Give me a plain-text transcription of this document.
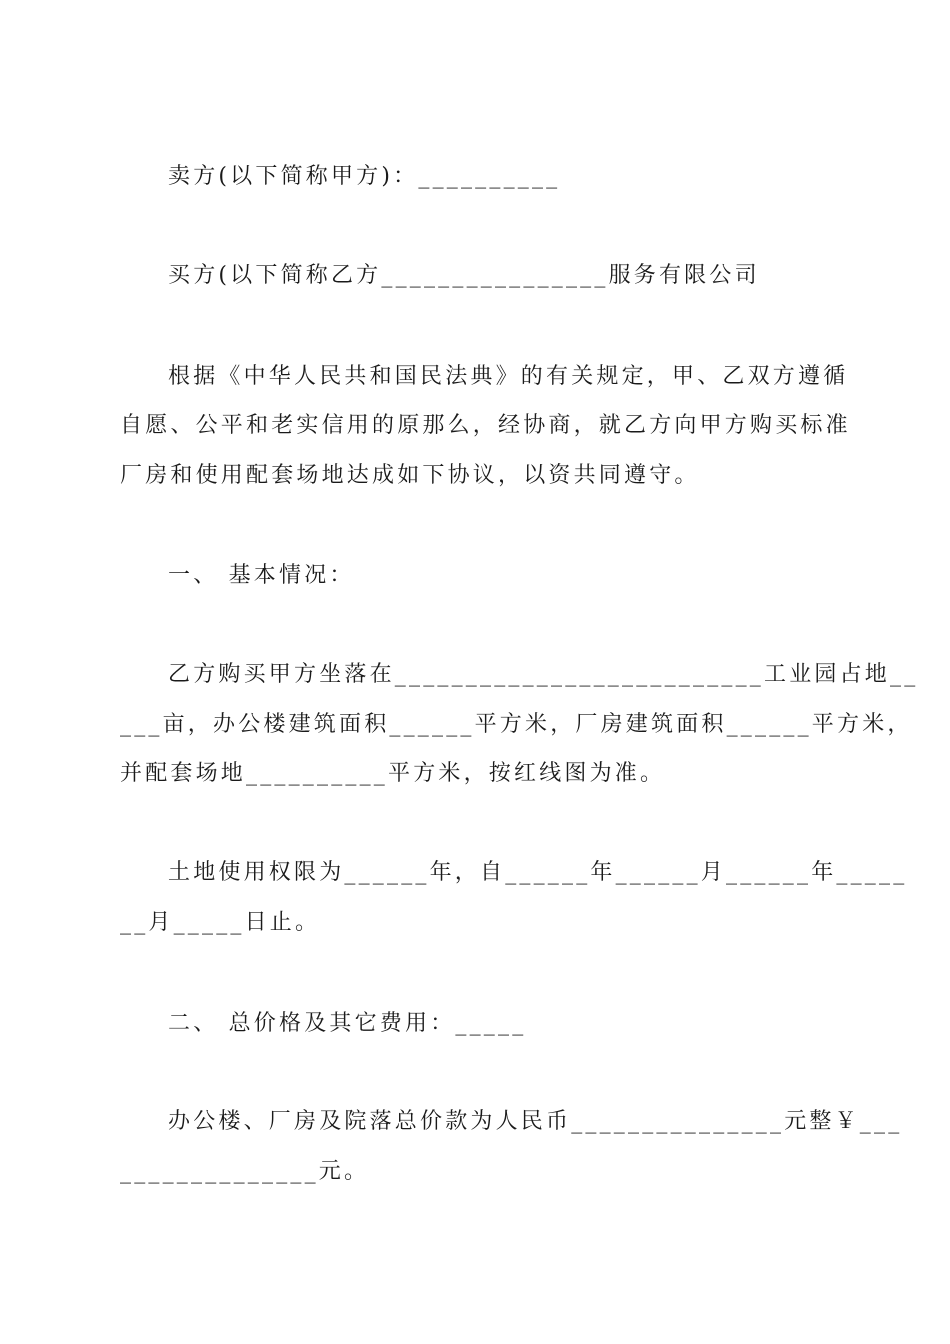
卖方(以下简称甲方)：__________
买方(以下简称乙方________________服务有限公司
根据《中华人民共和国民法典》的有关规定，甲、乙双方遵循
自愿、公平和老实信用的原那么，经协商，就乙方向甲方购买标准
厂房和使用配套场地达成如下协议，以资共同遵守。
一、 基本情况：
乙方购买甲方坐落在__________________________工业园占地__
___亩，办公楼建筑面积______平方米，厂房建筑面积______平方米，
并配套场地__________平方米，按红线图为准。
土地使用权限为______年，自______年______月______年_____
__月_____日止。
二、 总价格及其它费用：_____
办公楼、厂房及院落总价款为人民币_______________元整￥___
______________元。
